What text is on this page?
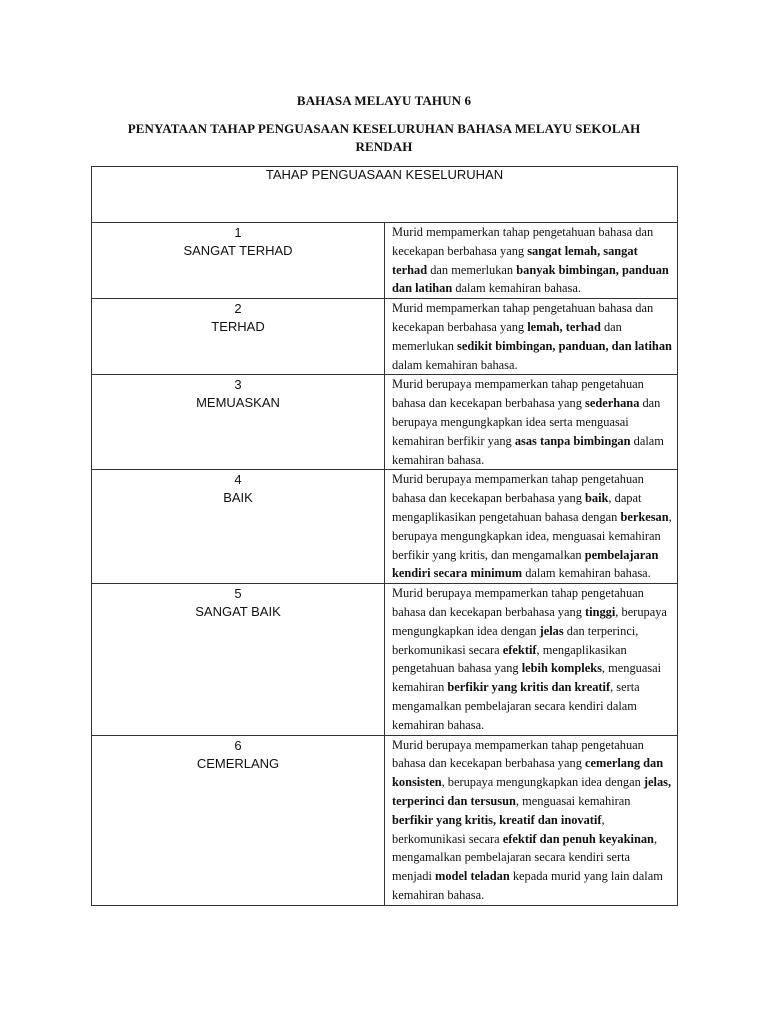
BAHASA MELAYU TAHUN 6
PENYATAAN TAHAP PENGUASAAN KESELURUHAN BAHASA MELAYU SEKOLAH RENDAH
TAHAP PENGUASAAN KESELURUHAN	

1
SANGAT TERHAD	Murid mempamerkan tahap pengetahuan bahasa dan kecekapan berbahasa yang sangat lemah, sangat terhad dan memerlukan banyak bimbingan, panduan dan latihan dalam kemahiran bahasa.

2
TERHAD	Murid mempamerkan tahap pengetahuan bahasa dan kecekapan berbahasa yang lemah, terhad dan memerlukan sedikit bimbingan, panduan, dan latihan dalam kemahiran bahasa.

3
MEMUASKAN	Murid berupaya mempamerkan tahap pengetahuan bahasa dan kecekapan berbahasa yang sederhana dan berupaya mengungkapkan idea serta menguasai kemahiran berfikir yang asas tanpa bimbingan dalam kemahiran bahasa.

4
BAIK	Murid berupaya mempamerkan tahap pengetahuan bahasa dan kecekapan berbahasa yang baik, dapat mengaplikasikan pengetahuan bahasa dengan berkesan, berupaya mengungkapkan idea, menguasai kemahiran berfikir yang kritis, dan mengamalkan pembelajaran kendiri secara minimum dalam kemahiran bahasa.

5
SANGAT BAIK	Murid berupaya mempamerkan tahap pengetahuan bahasa dan kecekapan berbahasa yang tinggi, berupaya mengungkapkan idea dengan jelas dan terperinci, berkomunikasi secara efektif, mengaplikasikan pengetahuan bahasa yang lebih kompleks, menguasai kemahiran berfikir yang kritis dan kreatif, serta mengamalkan pembelajaran secara kendiri dalam kemahiran bahasa.

6
CEMERLANG	Murid berupaya mempamerkan tahap pengetahuan bahasa dan kecekapan berbahasa yang cemerlang dan konsisten, berupaya mengungkapkan idea dengan jelas, terperinci dan tersusun, menguasai kemahiran berfikir yang kritis, kreatif dan inovatif, berkomunikasi secara efektif dan penuh keyakinan, mengamalkan pembelajaran secara kendiri serta menjadi model teladan kepada murid yang lain dalam kemahiran bahasa.
